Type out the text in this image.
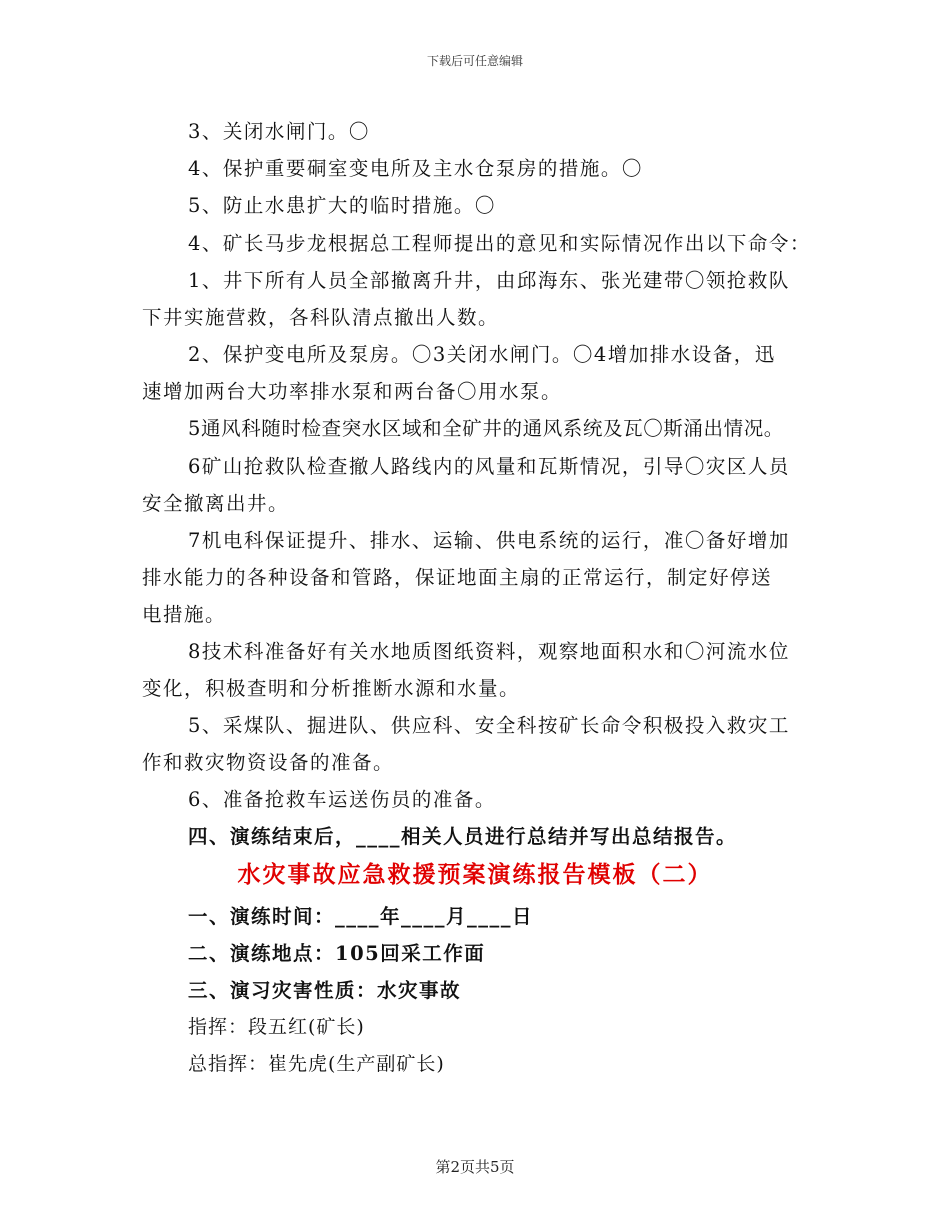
下载后可任意编辑
3、关闭水闸门。〇
4、保护重要硐室变电所及主水仓泵房的措施。〇
5、防止水患扩大的临时措施。〇
4、矿长马步龙根据总工程师提出的意见和实际情况作出以下命令：
1、井下所有人员全部撤离升井，由邱海东、张光建带〇领抢救队
下井实施营救，各科队清点撤出人数。
2、保护变电所及泵房。〇3关闭水闸门。〇4增加排水设备，迅
速增加两台大功率排水泵和两台备〇用水泵。
5通风科随时检查突水区域和全矿井的通风系统及瓦〇斯涌出情况。
6矿山抢救队检查撤人路线内的风量和瓦斯情况，引导〇灾区人员
安全撤离出井。
7机电科保证提升、排水、运输、供电系统的运行，准〇备好增加
排水能力的各种设备和管路，保证地面主扇的正常运行，制定好停送
电措施。
8技术科准备好有关水地质图纸资料，观察地面积水和〇河流水位
变化，积极查明和分析推断水源和水量。
5、采煤队、掘进队、供应科、安全科按矿长命令积极投入救灾工
作和救灾物资设备的准备。
6、准备抢救车运送伤员的准备。
四、演练结束后，____相关人员进行总结并写出总结报告。
水灾事故应急救援预案演练报告模板（二）
一、演练时间：____年____月____日
二、演练地点：105回采工作面
三、演习灾害性质：水灾事故
指挥：段五红(矿长)
总指挥：崔先虎(生产副矿长)
第2页共5页
